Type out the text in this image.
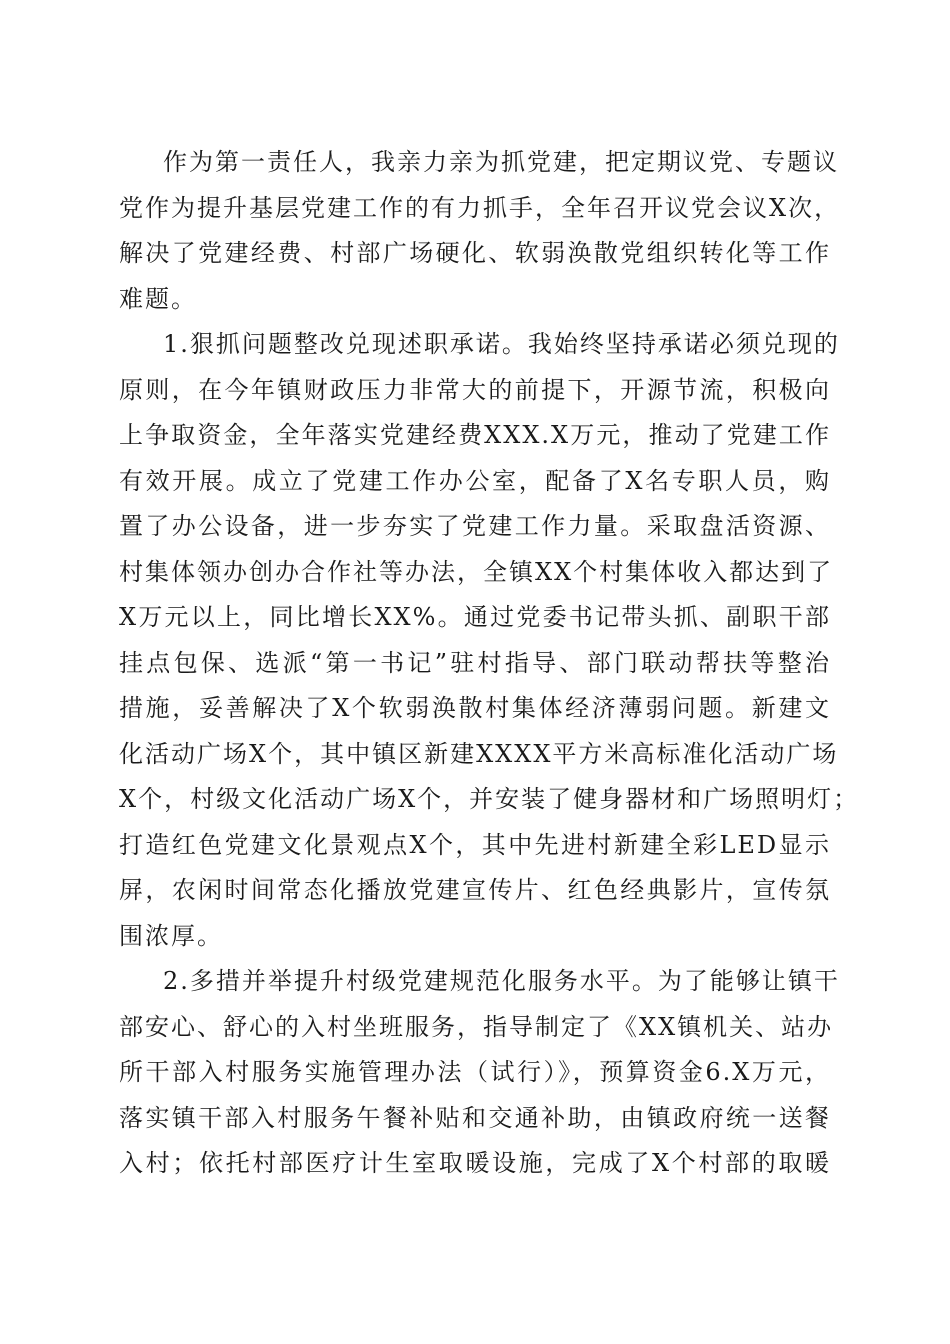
作为第一责任人，我亲力亲为抓党建，把定期议党、专题议
党作为提升基层党建工作的有力抓手，全年召开议党会议X次，
解决了党建经费、村部广场硬化、软弱涣散党组织转化等工作
难题。
1.狠抓问题整改兑现述职承诺。我始终坚持承诺必须兑现的
原则，在今年镇财政压力非常大的前提下，开源节流，积极向
上争取资金，全年落实党建经费XXX.X万元，推动了党建工作
有效开展。成立了党建工作办公室，配备了X名专职人员，购
置了办公设备，进一步夯实了党建工作力量。采取盘活资源、
村集体领办创办合作社等办法，全镇XX个村集体收入都达到了
X万元以上，同比增长XX%。通过党委书记带头抓、副职干部
挂点包保、选派“第一书记”驻村指导、部门联动帮扶等整治
措施，妥善解决了X个软弱涣散村集体经济薄弱问题。新建文
化活动广场X个，其中镇区新建XXXX平方米高标准化活动广场
X个，村级文化活动广场X个，并安装了健身器材和广场照明灯；
打造红色党建文化景观点X个，其中先进村新建全彩LED显示
屏，农闲时间常态化播放党建宣传片、红色经典影片，宣传氛
围浓厚。
2.多措并举提升村级党建规范化服务水平。为了能够让镇干
部安心、舒心的入村坐班服务，指导制定了《XX镇机关、站办
所干部入村服务实施管理办法（试行）》，预算资金6.X万元，
落实镇干部入村服务午餐补贴和交通补助，由镇政府统一送餐
入村；依托村部医疗计生室取暖设施，完成了X个村部的取暖
